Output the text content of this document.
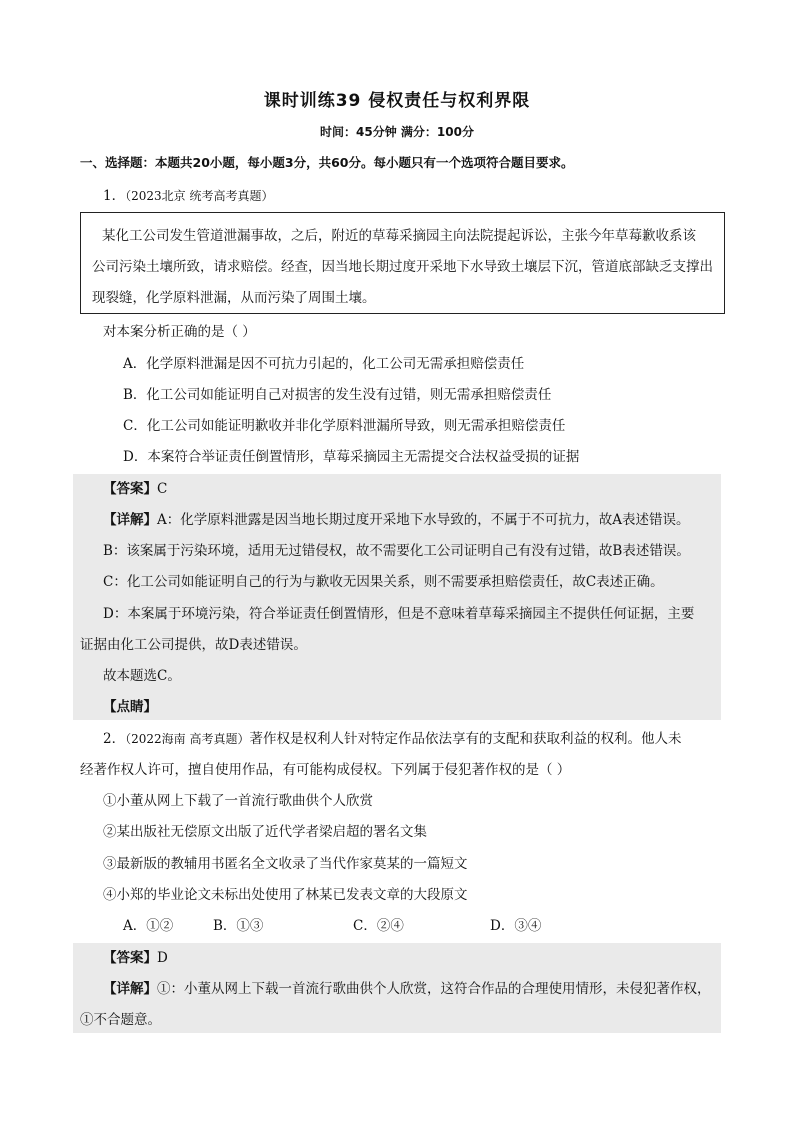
课时训练39 侵权责任与权利界限
时间：45分钟 满分：100分
一、选择题：本题共20小题，每小题3分，共60分。每小题只有一个选项符合题目要求。
1．（2023北京 统考高考真题）
某化工公司发生管道泄漏事故，之后，附近的草莓采摘园主向法院提起诉讼，主张今年草莓歉收系该
公司污染土壤所致，请求赔偿。经查，因当地长期过度开采地下水导致土壤层下沉，管道底部缺乏支撑出
现裂缝，化学原料泄漏，从而污染了周围土壤。
对本案分析正确的是（ ）
A．化学原料泄漏是因不可抗力引起的，化工公司无需承担赔偿责任
B．化工公司如能证明自己对损害的发生没有过错，则无需承担赔偿责任
C．化工公司如能证明歉收并非化学原料泄漏所导致，则无需承担赔偿责任
D．本案符合举证责任倒置情形，草莓采摘园主无需提交合法权益受损的证据
【答案】C
【详解】A：化学原料泄露是因当地长期过度开采地下水导致的，不属于不可抗力，故A表述错误。
B：该案属于污染环境，适用无过错侵权，故不需要化工公司证明自己有没有过错，故B表述错误。
C：化工公司如能证明自己的行为与歉收无因果关系，则不需要承担赔偿责任，故C表述正确。
D：本案属于环境污染，符合举证责任倒置情形，但是不意味着草莓采摘园主不提供任何证据，主要
证据由化工公司提供，故D表述错误。
故本题选C。
【点睛】
2．（2022海南 高考真题）著作权是权利人针对特定作品依法享有的支配和获取利益的权利。他人未
经著作权人许可，擅自使用作品，有可能构成侵权。下列属于侵犯著作权的是（ ）
①小董从网上下载了一首流行歌曲供个人欣赏
②某出版社无偿原文出版了近代学者梁启超的署名文集
③最新版的教辅用书匿名全文收录了当代作家莫某的一篇短文
④小郑的毕业论文未标出处使用了林某已发表文章的大段原文
A．①②	B．①③	C．②④	D．③④
【答案】D
【详解】①：小董从网上下载一首流行歌曲供个人欣赏，这符合作品的合理使用情形，未侵犯著作权，
①不合题意。
